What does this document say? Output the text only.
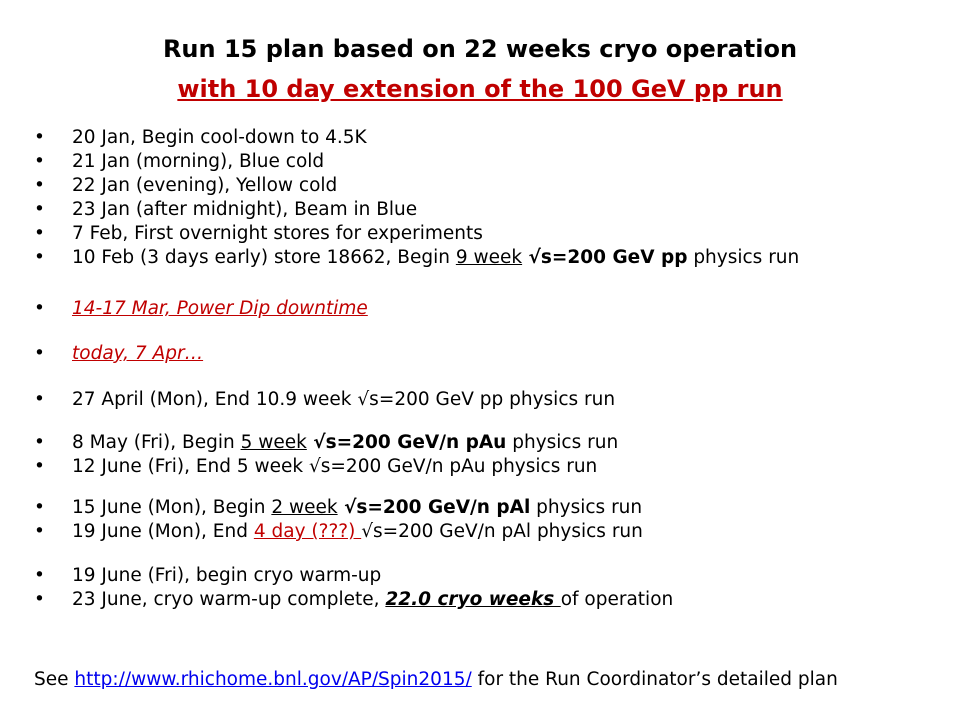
Run 15 plan based on 22 weeks cryo operation
with 10 day extension of the 100 GeV pp run
• 20 Jan, Begin cool-down to 4.5K
• 21 Jan (morning), Blue cold
• 22 Jan (evening), Yellow cold
• 23 Jan (after midnight), Beam in Blue
• 7 Feb, First overnight stores for experiments
• 10 Feb (3 days early) store 18662, Begin 9 week √s=200 GeV pp physics run
• 14-17 Mar, Power Dip downtime
• today, 7 Apr…
• 27 April (Mon), End 10.9 week √s=200 GeV pp physics run
• 8 May (Fri), Begin 5 week √s=200 GeV/n pAu physics run
• 12 June (Fri), End 5 week √s=200 GeV/n pAu physics run
• 15 June (Mon), Begin 2 week √s=200 GeV/n pAl physics run
• 19 June (Mon), End 4 day (???) √s=200 GeV/n pAl physics run
• 19 June (Fri), begin cryo warm-up
• 23 June, cryo warm-up complete, 22.0 cryo weeks of operation
See http://www.rhichome.bnl.gov/AP/Spin2015/ for the Run Coordinator’s detailed plan
